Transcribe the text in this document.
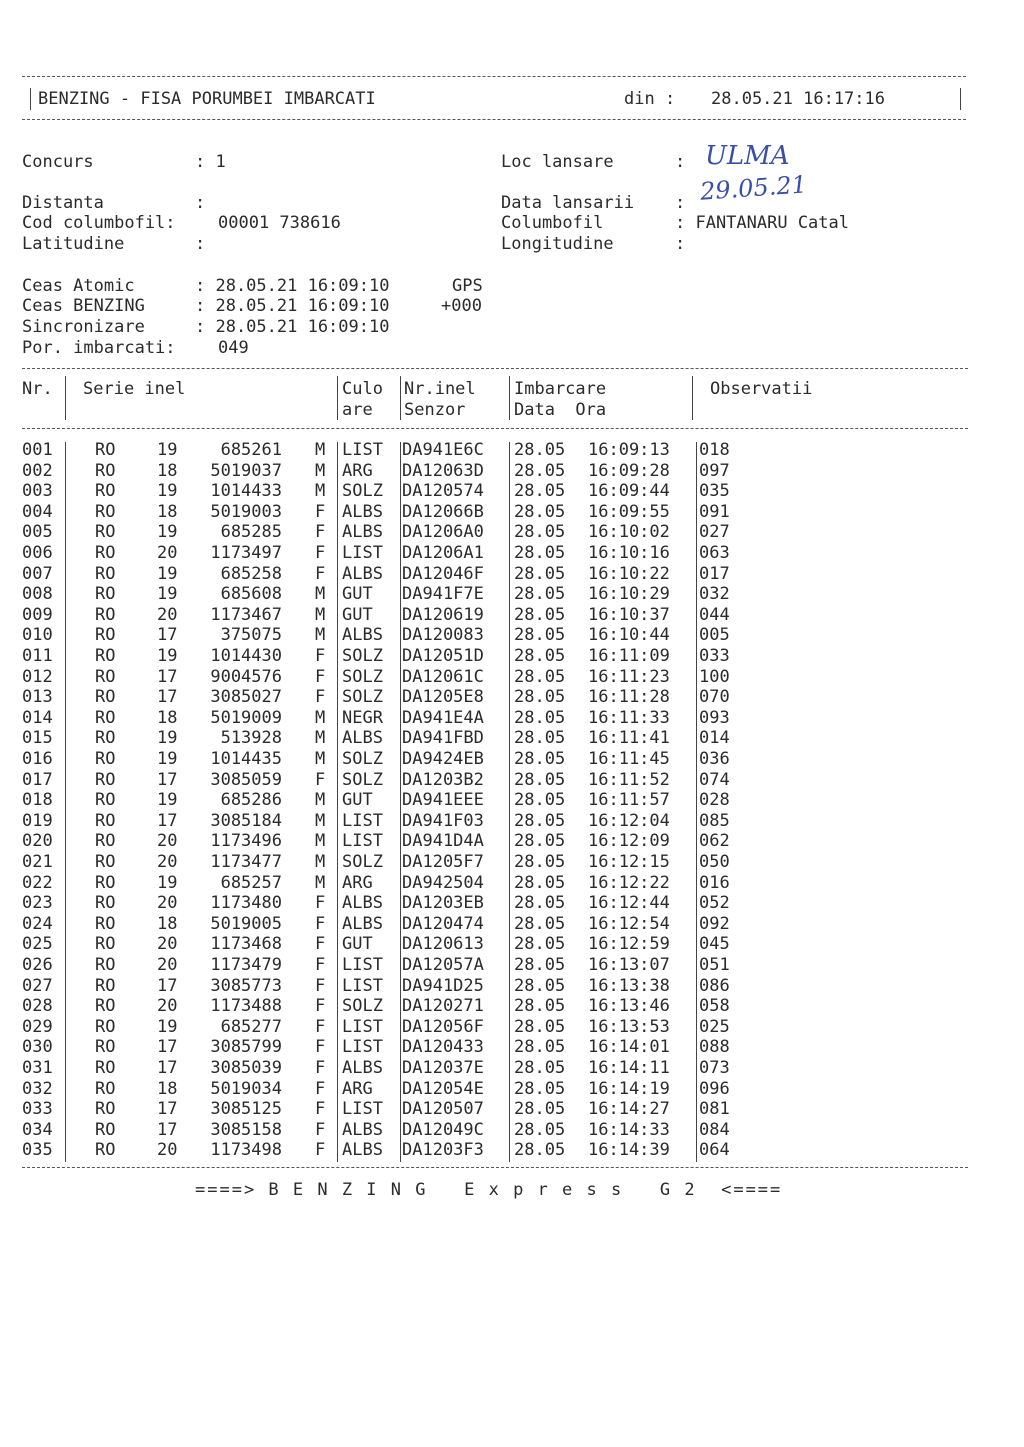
BENZING - FISA PORUMBEI IMBARCATI	din : 28.05.21 16:17:16
Concurs	: 1	Loc lansare	: ULMA
Distanta	:	Data lansarii : 29.05.21
Cod columbofil: 00001 738616	Columbofil	: FANTANARU Catal
Latitudine	:	Longitudine	:
Ceas Atomic	: 28.05.21 16:09:10	GPS
Ceas BENZING	: 28.05.21 16:09:10	+000
Sincronizare	: 28.05.21 16:09:10
Por. imbarcati: 049
Nr. Serie inel	Culo
are
Nr.inel
Senzor
Imbarcare
Data  Ora
Observatii
001 RO 19	685261 M LIST DA941E6C 28.05 16:09:13 018
002 RO 18	5019037 M ARG DA12063D 28.05 16:09:28 097
003 RO 19	1014433 M SOLZ DA120574 28.05 16:09:44 035
004 RO 18	5019003 F ALBS DA12066B 28.05 16:09:55 091
005 RO 19	685285 F ALBS DA1206A0 28.05 16:10:02 027
006 RO 20	1173497 F LIST DA1206A1 28.05 16:10:16 063
007 RO 19	685258 F ALBS DA12046F 28.05 16:10:22 017
008 RO 19	685608 M GUT DA941F7E 28.05 16:10:29 032
009 RO 20	1173467 M GUT DA120619 28.05 16:10:37 044
010 RO 17	375075 M ALBS DA120083 28.05 16:10:44 005
011 RO 19	1014430 F SOLZ DA12051D 28.05 16:11:09 033
012 RO 17	9004576 F SOLZ DA12061C 28.05 16:11:23 100
013 RO 17	3085027 F SOLZ DA1205E8 28.05 16:11:28 070
014 RO 18	5019009 M NEGR DA941E4A 28.05 16:11:33 093
015 RO 19	513928 M ALBS DA941FBD 28.05 16:11:41 014
016 RO 19	1014435 M SOLZ DA9424EB 28.05 16:11:45 036
017 RO 17	3085059 F SOLZ DA1203B2 28.05 16:11:52 074
018 RO 19	685286 M GUT DA941EEE 28.05 16:11:57 028
019 RO 17	3085184 M LIST DA941F03 28.05 16:12:04 085
020 RO 20	1173496 M LIST DA941D4A 28.05 16:12:09 062
021 RO 20	1173477 M SOLZ DA1205F7 28.05 16:12:15 050
022 RO 19	685257 M ARG DA942504 28.05 16:12:22 016
023 RO 20	1173480 F ALBS DA1203EB 28.05 16:12:44 052
024 RO 18	5019005 F ALBS DA120474 28.05 16:12:54 092
025 RO 20	1173468 F GUT DA120613 28.05 16:12:59 045
026 RO 20	1173479 F LIST DA12057A 28.05 16:13:07 051
027 RO 17	3085773 F LIST DA941D25 28.05 16:13:38 086
028 RO 20	1173488 F SOLZ DA120271 28.05 16:13:46 058
029 RO 19	685277 F LIST DA12056F 28.05 16:13:53 025
030 RO 17	3085799 F LIST DA120433 28.05 16:14:01 088
031 RO 17	3085039 F ALBS DA12037E 28.05 16:14:11 073
032 RO 18	5019034 F ARG DA12054E 28.05 16:14:19 096
033 RO 17	3085125 F LIST DA120507 28.05 16:14:27 081
034 RO 17	3085158 F ALBS DA12049C 28.05 16:14:33 084
035 RO 20	1173498 F ALBS DA1203F3 28.05 16:14:39 064
====> B E N Z I N G   E x p r e s s   G 2  <====
